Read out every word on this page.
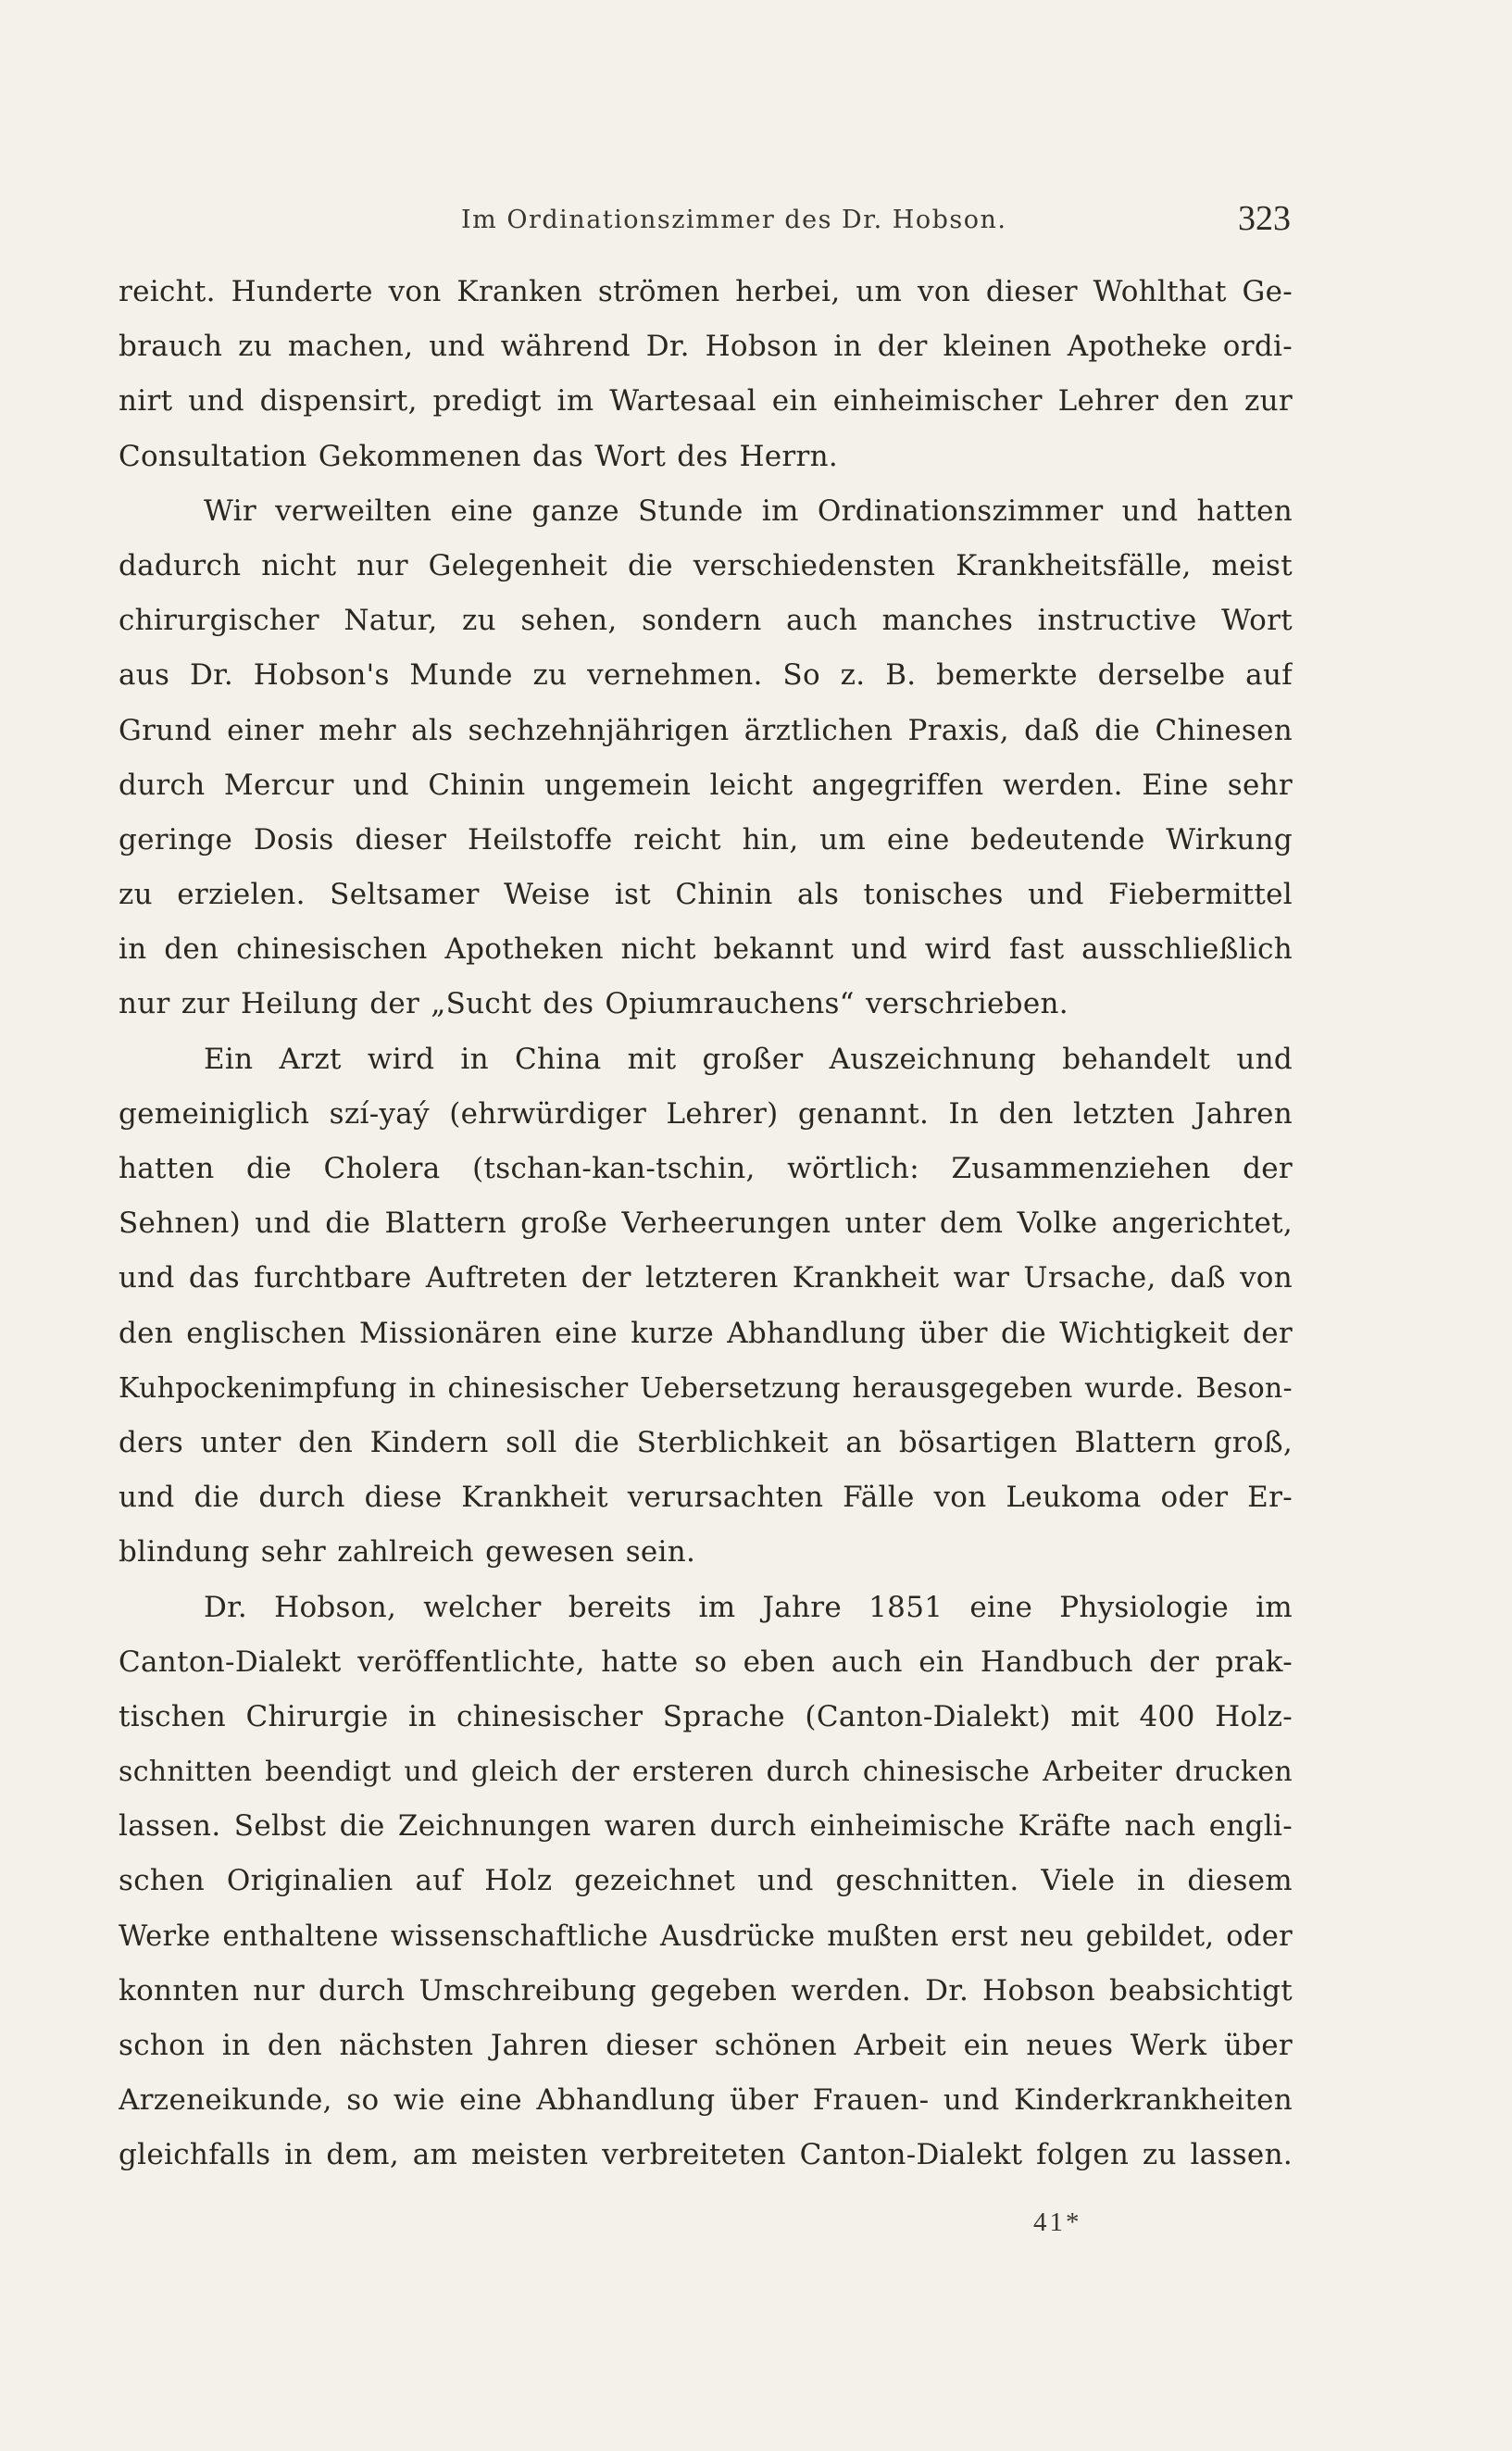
Im Ordinationszimmer des Dr. Hobson.	323
reicht. Hunderte von Kranken strömen herbei, um von dieser Wohlthat Ge-
brauch zu machen, und während Dr. Hobson in der kleinen Apotheke ordi-
nirt und dispensirt, predigt im Wartesaal ein einheimischer Lehrer den zur
Consultation Gekommenen das Wort des Herrn.
Wir verweilten eine ganze Stunde im Ordinationszimmer und hatten
dadurch nicht nur Gelegenheit die verschiedensten Krankheitsfälle, meist
chirurgischer Natur, zu sehen, sondern auch manches instructive Wort
aus Dr. Hobson's Munde zu vernehmen. So z. B. bemerkte derselbe auf
Grund einer mehr als sechzehnjährigen ärztlichen Praxis, daß die Chinesen
durch Mercur und Chinin ungemein leicht angegriffen werden. Eine sehr
geringe Dosis dieser Heilstoffe reicht hin, um eine bedeutende Wirkung
zu erzielen. Seltsamer Weise ist Chinin als tonisches und Fiebermittel
in den chinesischen Apotheken nicht bekannt und wird fast ausschließlich
nur zur Heilung der „Sucht des Opiumrauchens“ verschrieben.
Ein Arzt wird in China mit großer Auszeichnung behandelt und
gemeiniglich szí-yaý (ehrwürdiger Lehrer) genannt. In den letzten Jahren
hatten die Cholera (tschan-kan-tschin, wörtlich: Zusammenziehen der
Sehnen) und die Blattern große Verheerungen unter dem Volke angerichtet,
und das furchtbare Auftreten der letzteren Krankheit war Ursache, daß von
den englischen Missionären eine kurze Abhandlung über die Wichtigkeit der
Kuhpockenimpfung in chinesischer Uebersetzung herausgegeben wurde. Beson-
ders unter den Kindern soll die Sterblichkeit an bösartigen Blattern groß,
und die durch diese Krankheit verursachten Fälle von Leukoma oder Er-
blindung sehr zahlreich gewesen sein.
Dr. Hobson, welcher bereits im Jahre 1851 eine Physiologie im
Canton-Dialekt veröffentlichte, hatte so eben auch ein Handbuch der prak-
tischen Chirurgie in chinesischer Sprache (Canton-Dialekt) mit 400 Holz-
schnitten beendigt und gleich der ersteren durch chinesische Arbeiter drucken
lassen. Selbst die Zeichnungen waren durch einheimische Kräfte nach engli-
schen Originalien auf Holz gezeichnet und geschnitten. Viele in diesem
Werke enthaltene wissenschaftliche Ausdrücke mußten erst neu gebildet, oder
konnten nur durch Umschreibung gegeben werden. Dr. Hobson beabsichtigt
schon in den nächsten Jahren dieser schönen Arbeit ein neues Werk über
Arzeneikunde, so wie eine Abhandlung über Frauen- und Kinderkrankheiten
gleichfalls in dem, am meisten verbreiteten Canton-Dialekt folgen zu lassen.
41*
